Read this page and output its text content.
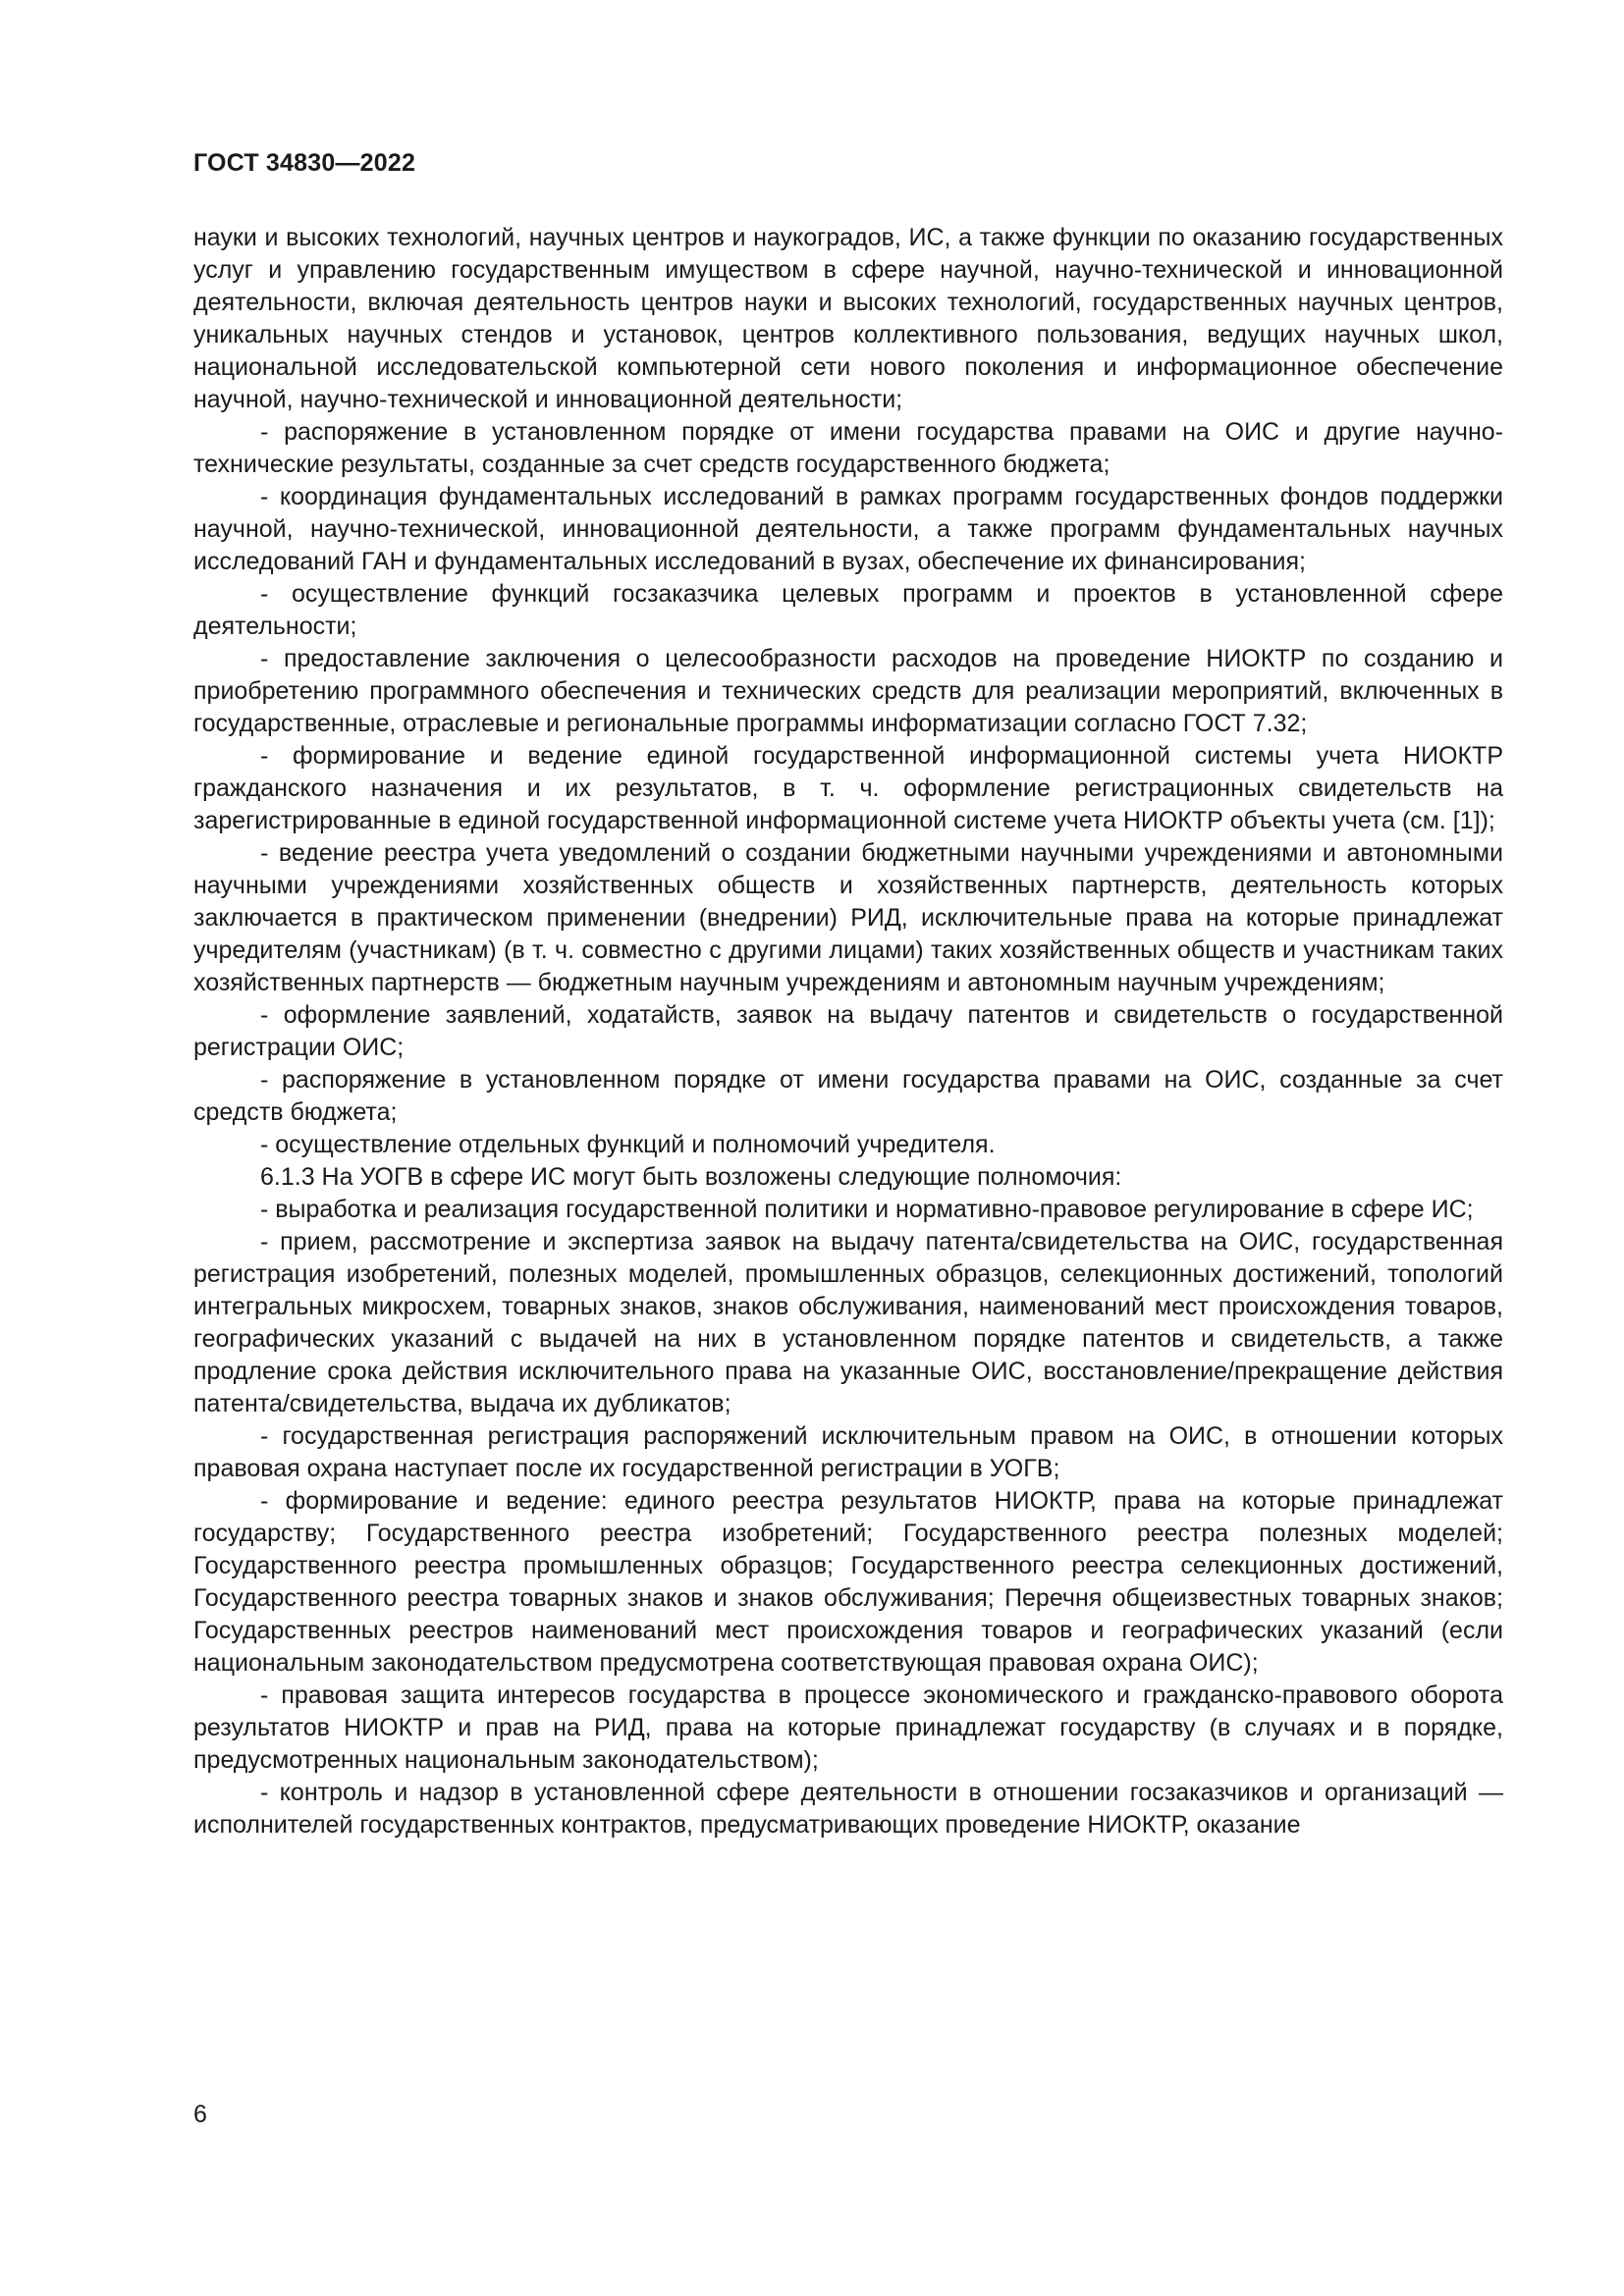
ГОСТ 34830—2022

науки и высоких технологий, научных центров и наукоградов, ИС, а также функции по оказанию государственных услуг и управлению государственным имуществом в сфере научной, научно-технической и инновационной деятельности, включая деятельность центров науки и высоких технологий, государственных научных центров, уникальных научных стендов и установок, центров коллективного пользования, ведущих научных школ, национальной исследовательской компьютерной сети нового поколения и информационное обеспечение научной, научно-технической и инновационной деятельности;

- распоряжение в установленном порядке от имени государства правами на ОИС и другие научно-технические результаты, созданные за счет средств государственного бюджета;

- координация фундаментальных исследований в рамках программ государственных фондов поддержки научной, научно-технической, инновационной деятельности, а также программ фундаментальных научных исследований ГАН и фундаментальных исследований в вузах, обеспечение их финансирования;

- осуществление функций госзаказчика целевых программ и проектов в установленной сфере деятельности;

- предоставление заключения о целесообразности расходов на проведение НИОКТР по созданию и приобретению программного обеспечения и технических средств для реализации мероприятий, включенных в государственные, отраслевые и региональные программы информатизации согласно ГОСТ 7.32;

- формирование и ведение единой государственной информационной системы учета НИОКТР гражданского назначения и их результатов, в т. ч. оформление регистрационных свидетельств на зарегистрированные в единой государственной информационной системе учета НИОКТР объекты учета (см. [1]);

- ведение реестра учета уведомлений о создании бюджетными научными учреждениями и автономными научными учреждениями хозяйственных обществ и хозяйственных партнерств, деятельность которых заключается в практическом применении (внедрении) РИД, исключительные права на которые принадлежат учредителям (участникам) (в т. ч. совместно с другими лицами) таких хозяйственных обществ и участникам таких хозяйственных партнерств — бюджетным научным учреждениям и автономным научным учреждениям;

- оформление заявлений, ходатайств, заявок на выдачу патентов и свидетельств о государственной регистрации ОИС;

- распоряжение в установленном порядке от имени государства правами на ОИС, созданные за счет средств бюджета;

- осуществление отдельных функций и полномочий учредителя.

6.1.3 На УОГВ в сфере ИС могут быть возложены следующие полномочия:

- выработка и реализация государственной политики и нормативно-правовое регулирование в сфере ИС;

- прием, рассмотрение и экспертиза заявок на выдачу патента/свидетельства на ОИС, государственная регистрация изобретений, полезных моделей, промышленных образцов, селекционных достижений, топологий интегральных микросхем, товарных знаков, знаков обслуживания, наименований мест происхождения товаров, географических указаний с выдачей на них в установленном порядке патентов и свидетельств, а также продление срока действия исключительного права на указанные ОИС, восстановление/прекращение действия патента/свидетельства, выдача их дубликатов;

- государственная регистрация распоряжений исключительным правом на ОИС, в отношении которых правовая охрана наступает после их государственной регистрации в УОГВ;

- формирование и ведение: единого реестра результатов НИОКТР, права на которые принадлежат государству; Государственного реестра изобретений; Государственного реестра полезных моделей; Государственного реестра промышленных образцов; Государственного реестра селекционных достижений, Государственного реестра товарных знаков и знаков обслуживания; Перечня общеизвестных товарных знаков; Государственных реестров наименований мест происхождения товаров и географических указаний (если национальным законодательством предусмотрена соответствующая правовая охрана ОИС);

- правовая защита интересов государства в процессе экономического и гражданско-правового оборота результатов НИОКТР и прав на РИД, права на которые принадлежат государству (в случаях и в порядке, предусмотренных национальным законодательством);

- контроль и надзор в установленной сфере деятельности в отношении госзаказчиков и организаций — исполнителей государственных контрактов, предусматривающих проведение НИОКТР, оказание

6
